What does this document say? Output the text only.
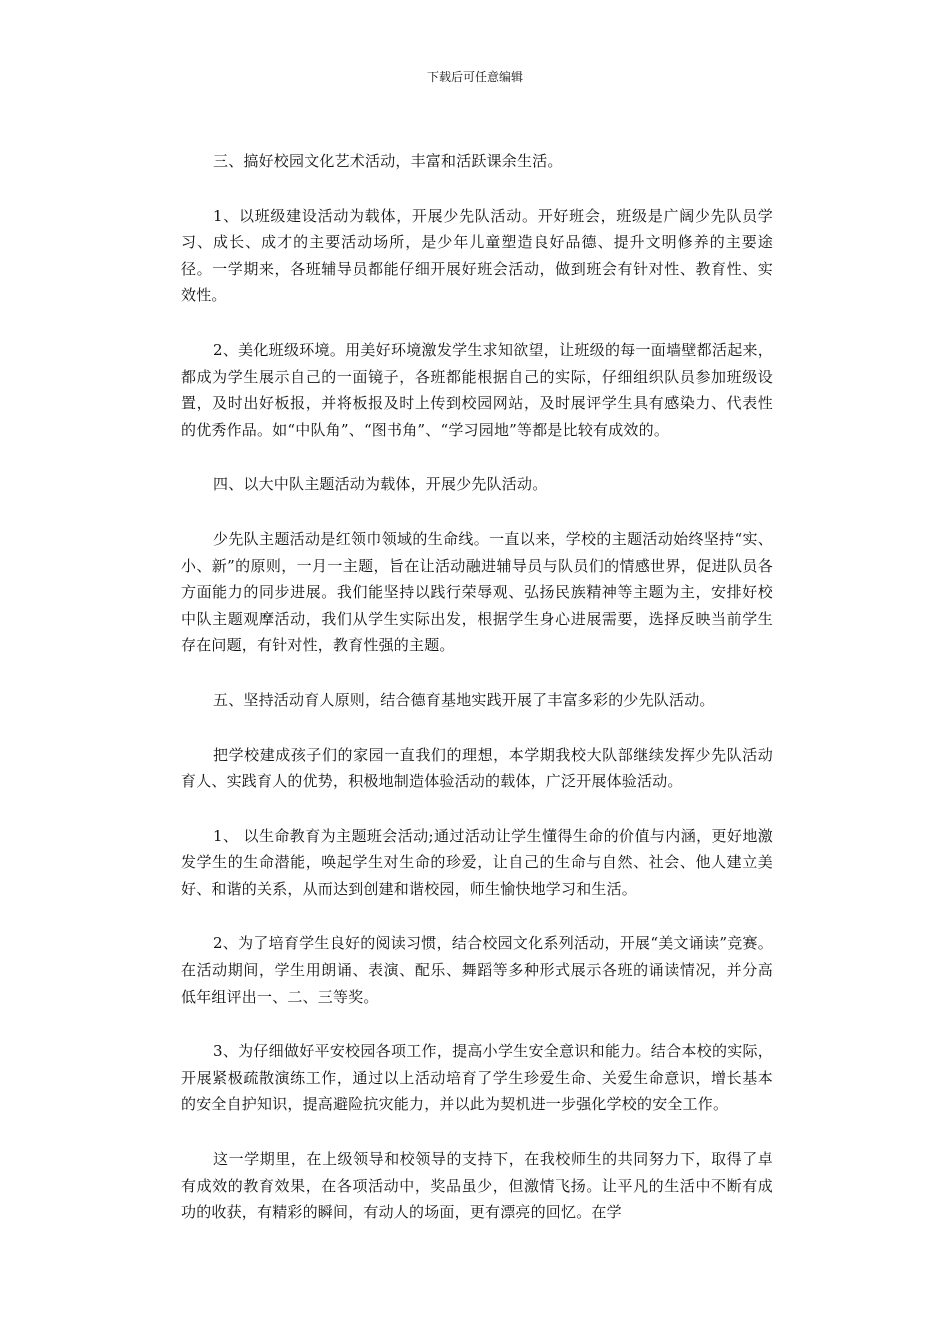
下载后可任意编辑

三、搞好校园文化艺术活动，丰富和活跃课余生活。

1、以班级建设活动为载体，开展少先队活动。开好班会，班级是广阔少先队员学习、成长、成才的主要活动场所，是少年儿童塑造良好品德、提升文明修养的主要途径。一学期来，各班辅导员都能仔细开展好班会活动，做到班会有针对性、教育性、实效性。

2、美化班级环境。用美好环境激发学生求知欲望，让班级的每一面墙壁都活起来，都成为学生展示自己的一面镜子，各班都能根据自己的实际，仔细组织队员参加班级设置，及时出好板报，并将板报及时上传到校园网站，及时展评学生具有感染力、代表性的优秀作品。如“中队角”、“图书角”、“学习园地”等都是比较有成效的。

四、以大中队主题活动为载体，开展少先队活动。

少先队主题活动是红领巾领域的生命线。一直以来，学校的主题活动始终坚持“实、小、新”的原则，一月一主题，旨在让活动融进辅导员与队员们的情感世界，促进队员各方面能力的同步进展。我们能坚持以践行荣辱观、弘扬民族精神等主题为主，安排好校中队主题观摩活动，我们从学生实际出发，根据学生身心进展需要，选择反映当前学生存在问题，有针对性，教育性强的主题。

五、坚持活动育人原则，结合德育基地实践开展了丰富多彩的少先队活动。

把学校建成孩子们的家园一直我们的理想，本学期我校大队部继续发挥少先队活动育人、实践育人的优势，积极地制造体验活动的载体，广泛开展体验活动。

1、 以生命教育为主题班会活动;通过活动让学生懂得生命的价值与内涵，更好地激发学生的生命潜能，唤起学生对生命的珍爱，让自己的生命与自然、社会、他人建立美好、和谐的关系，从而达到创建和谐校园，师生愉快地学习和生活。

2、为了培育学生良好的阅读习惯，结合校园文化系列活动，开展“美文诵读”竞赛。在活动期间，学生用朗诵、表演、配乐、舞蹈等多种形式展示各班的诵读情况，并分高低年组评出一、二、三等奖。

3、为仔细做好平安校园各项工作，提高小学生安全意识和能力。结合本校的实际，开展紧极疏散演练工作，通过以上活动培育了学生珍爱生命、关爱生命意识，增长基本的安全自护知识，提高避险抗灾能力，并以此为契机进一步强化学校的安全工作。

这一学期里，在上级领导和校领导的支持下，在我校师生的共同努力下，取得了卓有成效的教育效果，在各项活动中，奖品虽少，但激情飞扬。让平凡的生活中不断有成功的收获，有精彩的瞬间，有动人的场面，更有漂亮的回忆。在学
